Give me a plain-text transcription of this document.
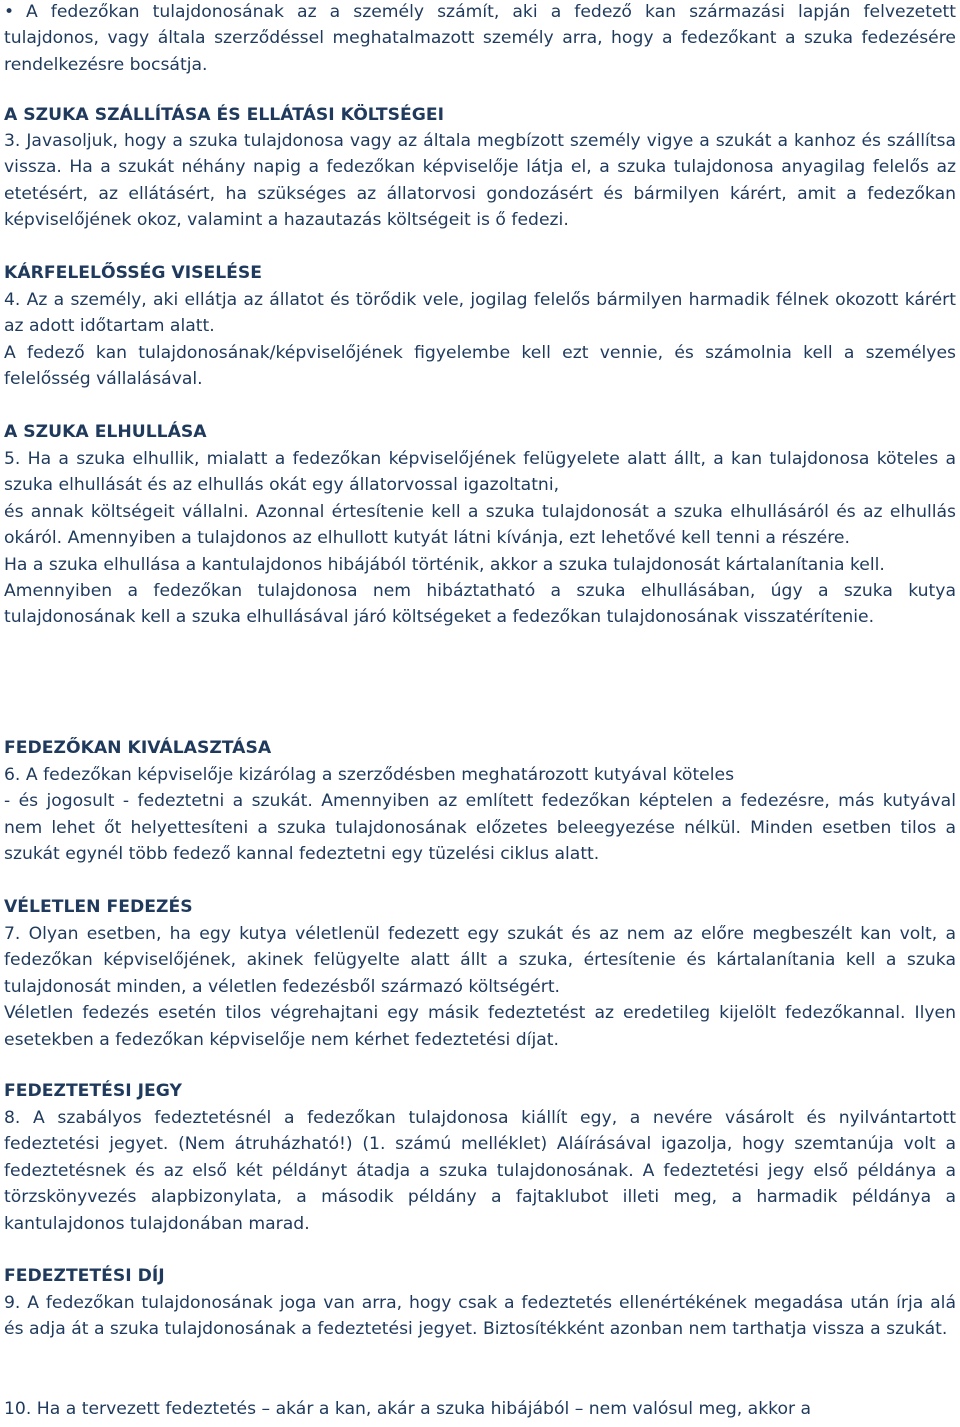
• A fedezőkan tulajdonosának az a személy számít, aki a fedező kan származási lapján felvezetett tulajdonos, vagy általa szerződéssel meghatalmazott személy arra, hogy a fedezőkant a szuka fedezésére rendelkezésre bocsátja.

A SZUKA SZÁLLÍTÁSA ÉS ELLÁTÁSI KÖLTSÉGEI

3. Javasoljuk, hogy a szuka tulajdonosa vagy az általa megbízott személy vigye a szukát a kanhoz és szállítsa vissza. Ha a szukát néhány napig a fedezőkan képviselője látja el, a szuka tulajdonosa anyagilag felelős az etetésért, az ellátásért, ha szükséges az állatorvosi gondozásért és bármilyen kárért, amit a fedezőkan képviselőjének okoz, valamint a hazautazás költségeit is ő fedezi.

KÁRFELELŐSSÉG VISELÉSE

4. Az a személy, aki ellátja az állatot és törődik vele, jogilag felelős bármilyen harmadik félnek okozott kárért az adott időtartam alatt.

A fedező kan tulajdonosának/képviselőjének figyelembe kell ezt vennie, és számolnia kell a személyes felelősség vállalásával.

A SZUKA ELHULLÁSA

5. Ha a szuka elhullik, mialatt a fedezőkan képviselőjének felügyelete alatt állt, a kan tulajdonosa köteles a szuka elhullását és az elhullás okát egy állatorvossal igazoltatni,

és annak költségeit vállalni. Azonnal értesítenie kell a szuka tulajdonosát a szuka elhullásáról és az elhullás okáról. Amennyiben a tulajdonos az elhullott kutyát látni kívánja, ezt lehetővé kell tenni a részére.

Ha a szuka elhullása a kantulajdonos hibájából történik, akkor a szuka tulajdonosát kártalanítania kell.

Amennyiben a fedezőkan tulajdonosa nem hibáztatható a szuka elhullásában, úgy a szuka kutya tulajdonosának kell a szuka elhullásával járó költségeket a fedezőkan tulajdonosának visszatérítenie.

FEDEZŐKAN KIVÁLASZTÁSA

6. A fedezőkan képviselője kizárólag a szerződésben meghatározott kutyával köteles

- és jogosult - fedeztetni a szukát. Amennyiben az említett fedezőkan képtelen a fedezésre, más kutyával nem lehet őt helyettesíteni a szuka tulajdonosának előzetes beleegyezése nélkül. Minden esetben tilos a szukát egynél több fedező kannal fedeztetni egy tüzelési ciklus alatt.

VÉLETLEN FEDEZÉS

7. Olyan esetben, ha egy kutya véletlenül fedezett egy szukát és az nem az előre megbeszélt kan volt, a fedezőkan képviselőjének, akinek felügyelte alatt állt a szuka, értesítenie és kártalanítania kell a szuka tulajdonosát minden, a véletlen fedezésből származó költségért.

Véletlen fedezés esetén tilos végrehajtani egy másik fedeztetést az eredetileg kijelölt fedezőkannal. Ilyen esetekben a fedezőkan képviselője nem kérhet fedeztetési díjat.

FEDEZTETÉSI JEGY

8. A szabályos fedeztetésnél a fedezőkan tulajdonosa kiállít egy, a nevére vásárolt és nyilvántartott fedeztetési jegyet. (Nem átruházható!) (1. számú melléklet) Aláírásával igazolja, hogy szemtanúja volt a fedeztetésnek és az első két példányt átadja a szuka tulajdonosának. A fedeztetési jegy első példánya a törzskönyvezés alapbizonylata, a második példány a fajtaklubot illeti meg, a harmadik példánya a kantulajdonos tulajdonában marad.

FEDEZTETÉSI DÍJ

9. A fedezőkan tulajdonosának joga van arra, hogy csak a fedeztetés ellenértékének megadása után írja alá és adja át a szuka tulajdonosának a fedeztetési jegyet. Biztosítékként azonban nem tarthatja vissza a szukát.

10. Ha a tervezett fedeztetés – akár a kan, akár a szuka hibájából – nem valósul meg, akkor a
